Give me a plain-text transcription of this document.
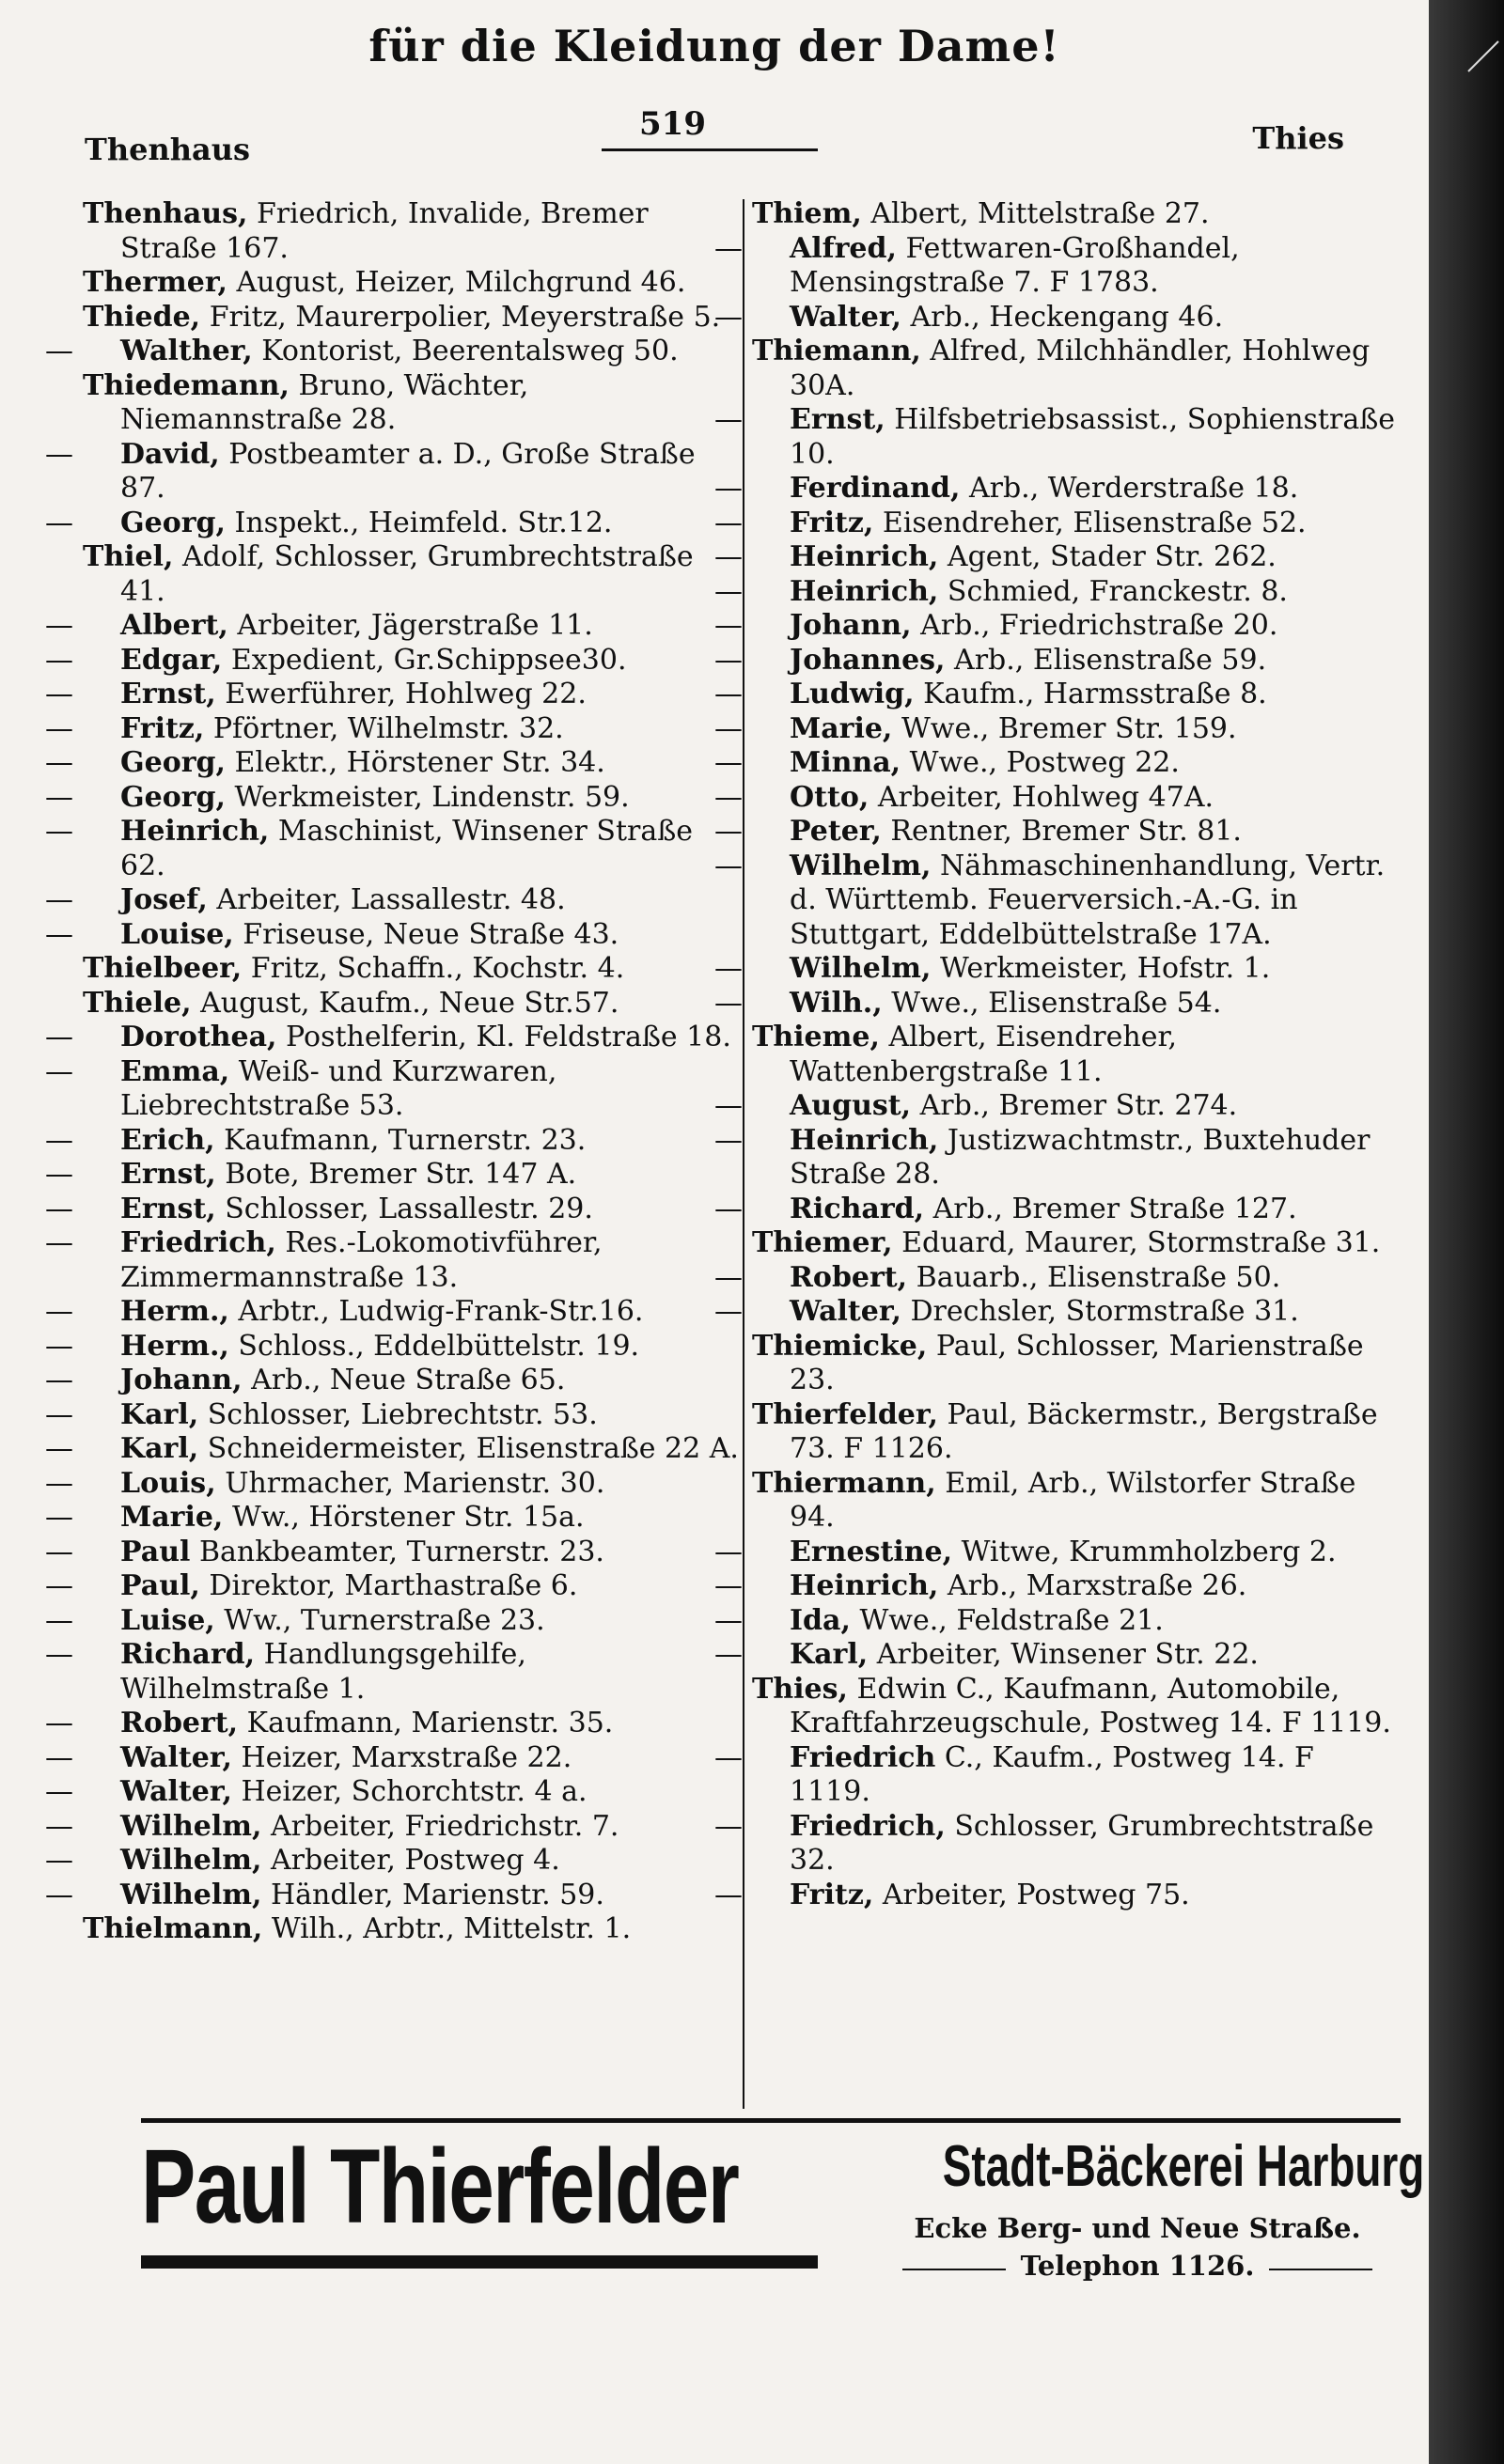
für die Kleidung der Dame!
Thenhaus
519	Thies
Thenhaus, Friedrich, Invalide, Bremer Straße 167.
Thermer, August, Heizer, Milchgrund 46.
Thiede, Fritz, Maurerpolier, Meyerstraße 5.
— Walther, Kontorist, Beerentalsweg 50.
Thiedemann, Bruno, Wächter, Niemannstraße 28.
— David, Postbeamter a. D., Große Straße 87.
— Georg, Inspekt., Heimfeld. Str.12.
Thiel, Adolf, Schlosser, Grumbrechtstraße 41.
— Albert, Arbeiter, Jägerstraße 11.
— Edgar, Expedient, Gr.Schippsee30.
— Ernst, Ewerführer, Hohlweg 22.
— Fritz, Pförtner, Wilhelmstr. 32.
— Georg, Elektr., Hörstener Str. 34.
— Georg, Werkmeister, Lindenstr. 59.
— Heinrich, Maschinist, Winsener Straße 62.
— Josef, Arbeiter, Lassallestr. 48.
— Louise, Friseuse, Neue Straße 43.
Thielbeer, Fritz, Schaffn., Kochstr. 4.
Thiele, August, Kaufm., Neue Str.57.
— Dorothea, Posthelferin, Kl. Feldstraße 18.
— Emma, Weiß- und Kurzwaren, Liebrechtstraße 53.
— Erich, Kaufmann, Turnerstr. 23.
— Ernst, Bote, Bremer Str. 147 A.
— Ernst, Schlosser, Lassallestr. 29.
— Friedrich, Res.-Lokomotivführer, Zimmermannstraße 13.
— Herm., Arbtr., Ludwig-Frank-Str.16.
— Herm., Schloss., Eddelbüttelstr. 19.
— Johann, Arb., Neue Straße 65.
— Karl, Schlosser, Liebrechtstr. 53.
— Karl, Schneidermeister, Elisenstraße 22 A.
— Louis, Uhrmacher, Marienstr. 30.
— Marie, Ww., Hörstener Str. 15a.
— Paul Bankbeamter, Turnerstr. 23.
— Paul, Direktor, Marthastraße 6.
— Luise, Ww., Turnerstraße 23.
— Richard, Handlungsgehilfe, Wilhelmstraße 1.
— Robert, Kaufmann, Marienstr. 35.
— Walter, Heizer, Marxstraße 22.
— Walter, Heizer, Schorchtstr. 4 a.
— Wilhelm, Arbeiter, Friedrichstr. 7.
— Wilhelm, Arbeiter, Postweg 4.
— Wilhelm, Händler, Marienstr. 59.
Thielmann, Wilh., Arbtr., Mittelstr. 1.
Thiem, Albert, Mittelstraße 27.
— Alfred, Fettwaren-Großhandel, Mensingstraße 7. F 1783.
— Walter, Arb., Heckengang 46.
Thiemann, Alfred, Milchhändler, Hohlweg 30A.
— Ernst, Hilfsbetriebsassist., Sophienstraße 10.
— Ferdinand, Arb., Werderstraße 18.
— Fritz, Eisendreher, Elisenstraße 52.
— Heinrich, Agent, Stader Str. 262.
— Heinrich, Schmied, Franckestr. 8.
— Johann, Arb., Friedrichstraße 20.
— Johannes, Arb., Elisenstraße 59.
— Ludwig, Kaufm., Harmsstraße 8.
— Marie, Wwe., Bremer Str. 159.
— Minna, Wwe., Postweg 22.
— Otto, Arbeiter, Hohlweg 47A.
— Peter, Rentner, Bremer Str. 81.
— Wilhelm, Nähmaschinenhandlung, Vertr. d. Württemb. Feuerversich.-A.-G. in Stuttgart, Eddelbüttelstraße 17A.
— Wilhelm, Werkmeister, Hofstr. 1.
— Wilh., Wwe., Elisenstraße 54.
Thieme, Albert, Eisendreher, Wattenbergstraße 11.
— August, Arb., Bremer Str. 274.
— Heinrich, Justizwachtmstr., Buxtehuder Straße 28.
— Richard, Arb., Bremer Straße 127.
Thiemer, Eduard, Maurer, Stormstraße 31.
— Robert, Bauarb., Elisenstraße 50.
— Walter, Drechsler, Stormstraße 31.
Thiemicke, Paul, Schlosser, Marienstraße 23.
Thierfelder, Paul, Bäckermstr., Bergstraße 73. F 1126.
Thiermann, Emil, Arb., Wilstorfer Straße 94.
— Ernestine, Witwe, Krummholzberg 2.
— Heinrich, Arb., Marxstraße 26.
— Ida, Wwe., Feldstraße 21.
— Karl, Arbeiter, Winsener Str. 22.
Thies, Edwin C., Kaufmann, Automobile, Kraftfahrzeugschule, Postweg 14. F 1119.
— Friedrich C., Kaufm., Postweg 14. F 1119.
— Friedrich, Schlosser, Grumbrechtstraße 32.
— Fritz, Arbeiter, Postweg 75.
Paul Thierfelder	Stadt-Bäckerei Harburg
Ecke Berg- und Neue Straße.
Telephon 1126.
